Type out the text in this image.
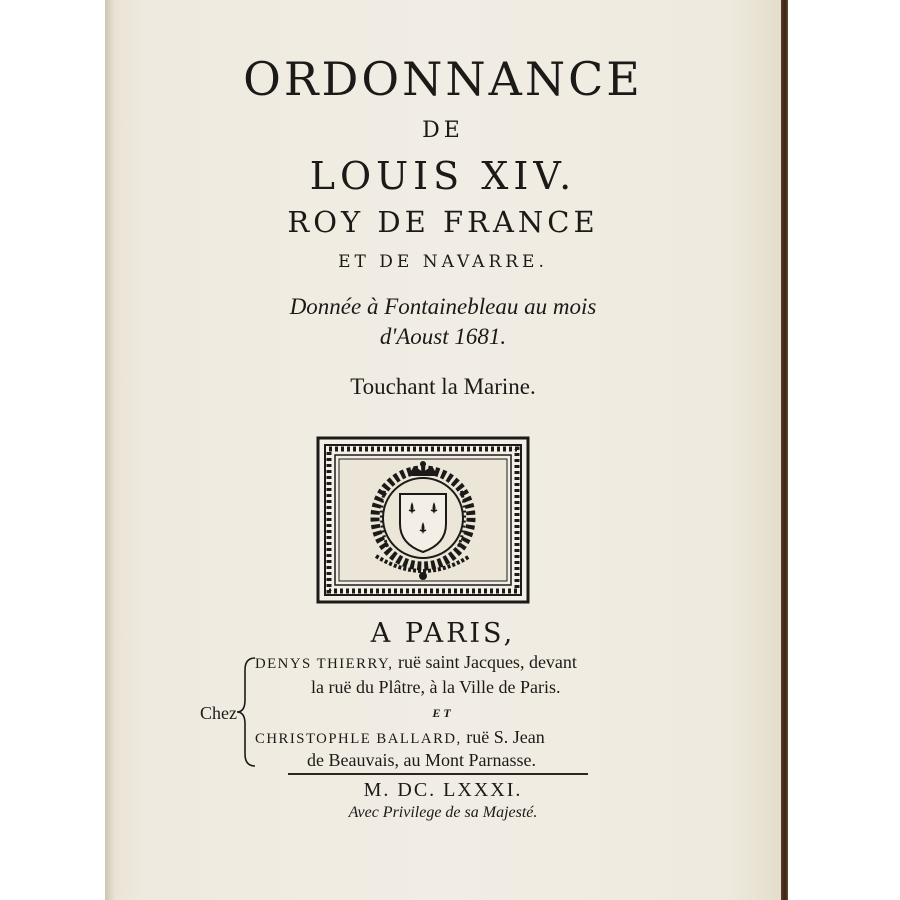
ORDONNANCE
DE
LOUIS XIV.
ROY DE FRANCE
ET DE NAVARRE.
Donnée à Fontainebleau au mois
d'Aoust 1681.
Touchant la Marine.
A PARIS,
Chez
DENYS THIERRY, ruë saint Jacques, devant
la ruë du Plâtre, à la Ville de Paris.
ET
CHRISTOPHLE BALLARD, ruë S. Jean
de Beauvais, au Mont Parnasse.
M. DC. LXXXI.
Avec Privilege de sa Majesté.
